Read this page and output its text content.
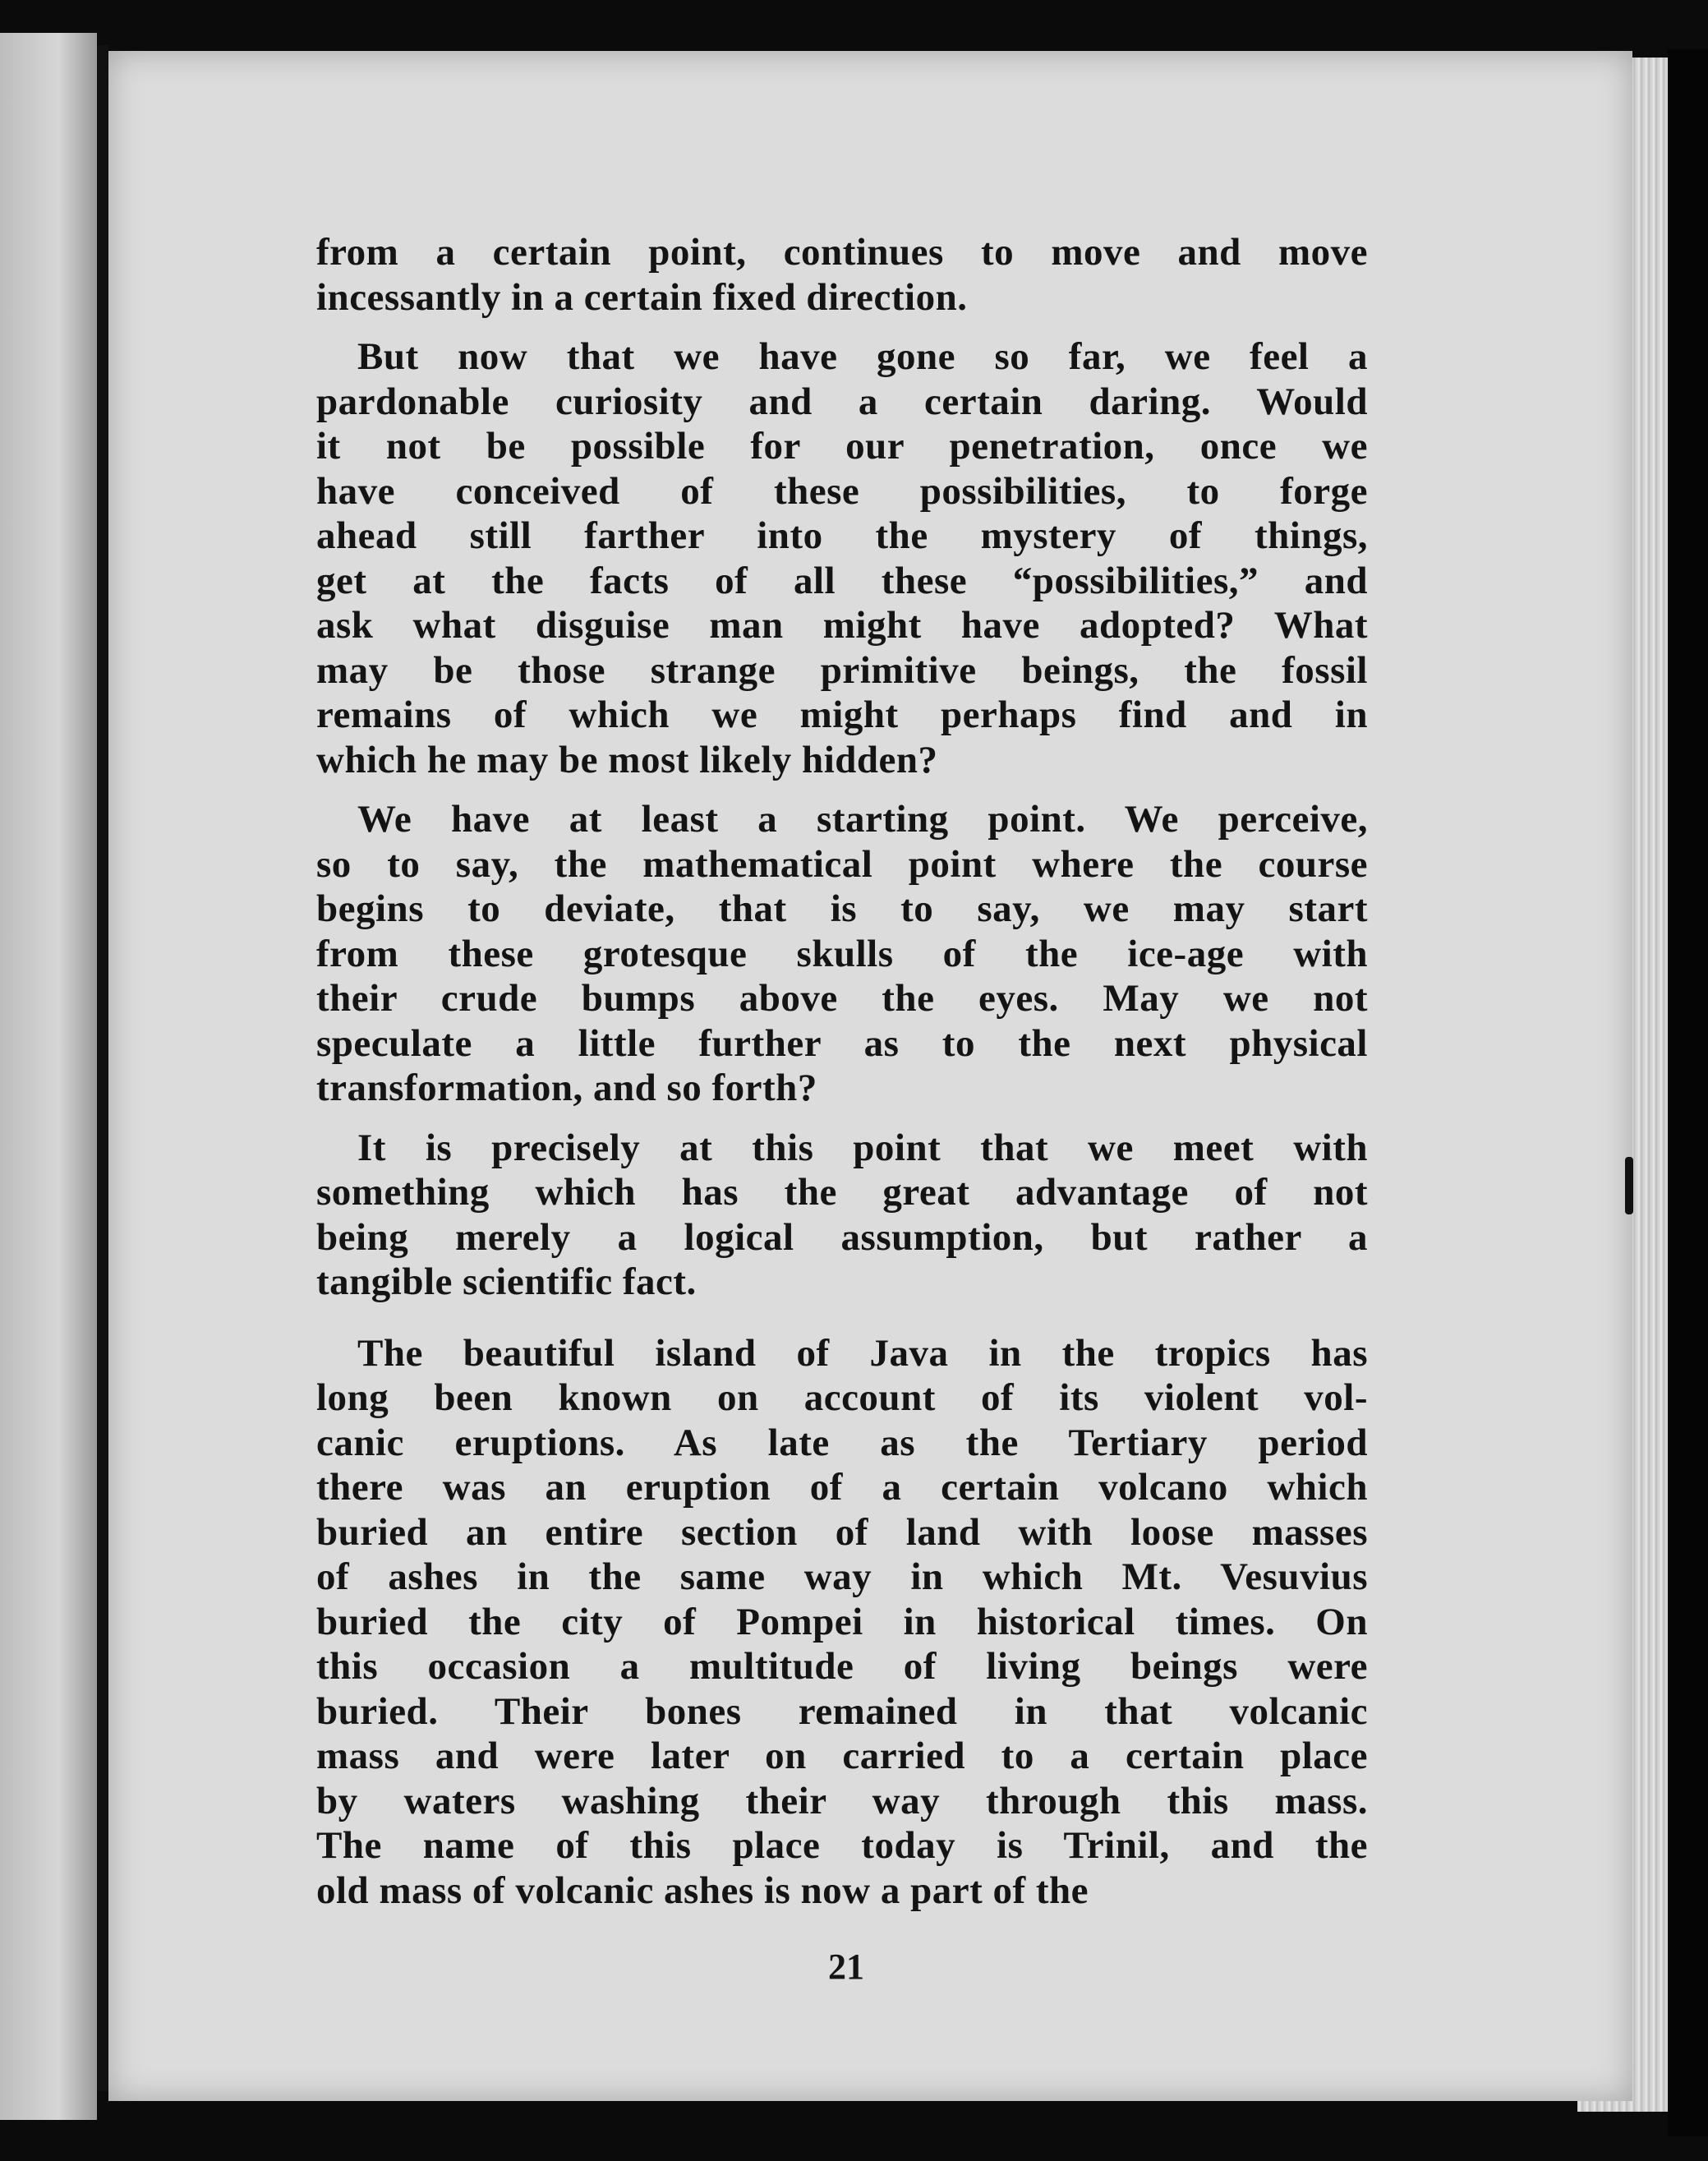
from a certain point, continues to move and move
incessantly in a certain fixed direction.
But now that we have gone so far, we feel a
pardonable curiosity and a certain daring. Would
it not be possible for our penetration, once we
have conceived of these possibilities, to forge
ahead still farther into the mystery of things,
get at the facts of all these “possibilities,” and
ask what disguise man might have adopted? What
may be those strange primitive beings, the fossil
remains of which we might perhaps find and in
which he may be most likely hidden?
We have at least a starting point. We perceive,
so to say, the mathematical point where the course
begins to deviate, that is to say, we may start
from these grotesque skulls of the ice-age with
their crude bumps above the eyes. May we not
speculate a little further as to the next physical
transformation, and so forth?
It is precisely at this point that we meet with
something which has the great advantage of not
being merely a logical assumption, but rather a
tangible scientific fact.
The beautiful island of Java in the tropics has
long been known on account of its violent vol-
canic eruptions. As late as the Tertiary period
there was an eruption of a certain volcano which
buried an entire section of land with loose masses
of ashes in the same way in which Mt. Vesuvius
buried the city of Pompei in historical times. On
this occasion a multitude of living beings were
buried. Their bones remained in that volcanic
mass and were later on carried to a certain place
by waters washing their way through this mass.
The name of this place today is Trinil, and the
old mass of volcanic ashes is now a part of the
21
